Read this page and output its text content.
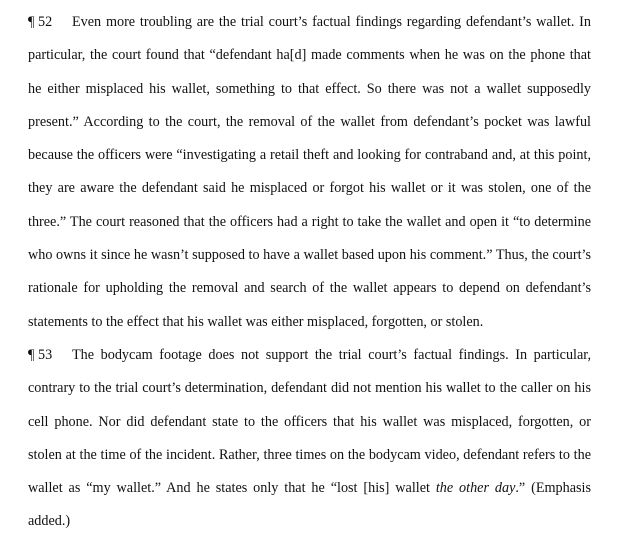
¶ 52 Even more troubling are the trial court’s factual findings regarding defendant’s wallet. In particular, the court found that “defendant ha[d] made comments when he was on the phone that he either misplaced his wallet, something to that effect. So there was not a wallet supposedly present.” According to the court, the removal of the wallet from defendant’s pocket was lawful because the officers were “investigating a retail theft and looking for contraband and, at this point, they are aware the defendant said he misplaced or forgot his wallet or it was stolen, one of the three.” The court reasoned that the officers had a right to take the wallet and open it “to determine who owns it since he wasn’t supposed to have a wallet based upon his comment.” Thus, the court’s rationale for upholding the removal and search of the wallet appears to depend on defendant’s statements to the effect that his wallet was either misplaced, forgotten, or stolen.

¶ 53 The bodycam footage does not support the trial court’s factual findings. In particular, contrary to the trial court’s determination, defendant did not mention his wallet to the caller on his cell phone. Nor did defendant state to the officers that his wallet was misplaced, forgotten, or stolen at the time of the incident. Rather, three times on the bodycam video, defendant refers to the wallet as “my wallet.” And he states only that he “lost [his] wallet the other day.” (Emphasis added.)
